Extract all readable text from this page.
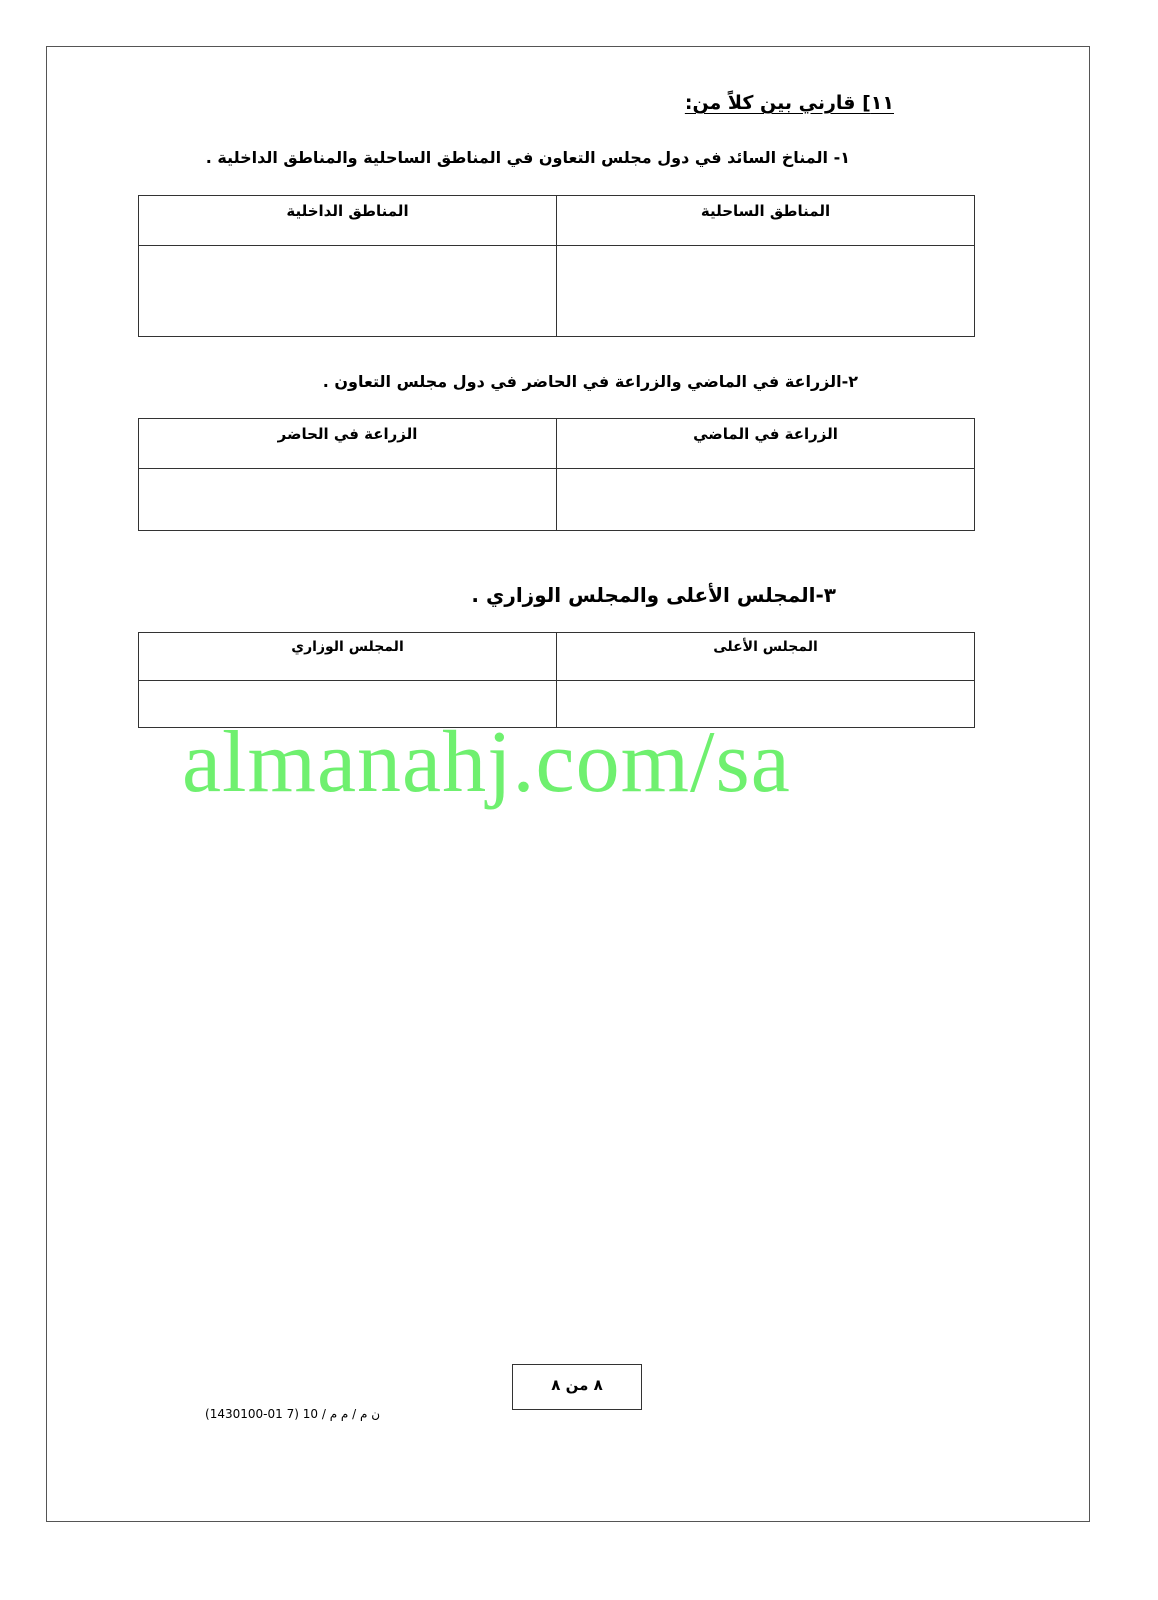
١١] قارني بين كلاً من:
١- المناخ السائد في دول مجلس التعاون في المناطق الساحلية والمناطق الداخلية .
المناطق الساحلية	المناطق الداخلية

٢-الزراعة في الماضي والزراعة في الحاضر في دول مجلس التعاون .
الزراعة في الماضي	الزراعة في الحاضر

٣-المجلس الأعلى والمجلس الوزاري .
المجلس الأعلى	المجلس الوزاري

almanahj.com/sa
٨ من ٨
ن م / م م / 10 (7 01-1430100)
